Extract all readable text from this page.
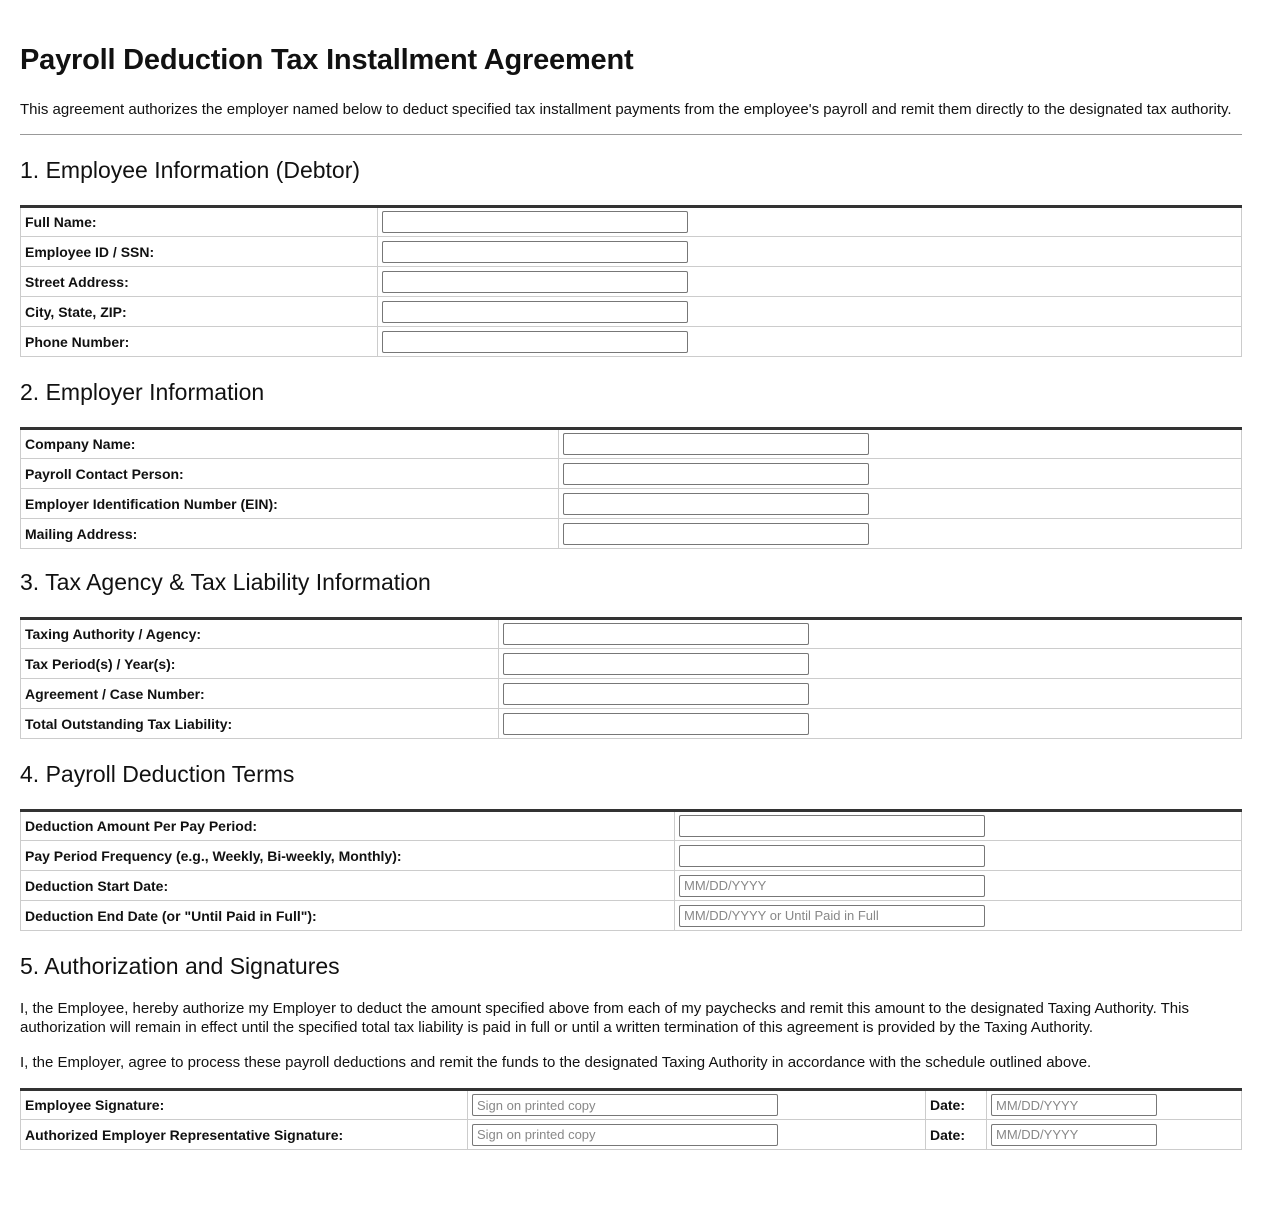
Payroll Deduction Tax Installment Agreement

This agreement authorizes the employer named below to deduct specified tax installment payments from the employee's payroll and remit them directly to the designated tax authority.

1. Employee Information (Debtor)
Full Name:	
Employee ID / SSN:	
Street Address:	
City, State, ZIP:	
Phone Number:	
2. Employer Information
Company Name:	
Payroll Contact Person:	
Employer Identification Number (EIN):	
Mailing Address:	
3. Tax Agency & Tax Liability Information
Taxing Authority / Agency:	
Tax Period(s) / Year(s):	
Agreement / Case Number:	
Total Outstanding Tax Liability:	
4. Payroll Deduction Terms
Deduction Amount Per Pay Period:	
Pay Period Frequency (e.g., Weekly, Bi-weekly, Monthly):	
Deduction Start Date:	MM/DD/YYYY
Deduction End Date (or "Until Paid in Full"):	MM/DD/YYYY or Until Paid in Full
5. Authorization and Signatures

I, the Employee, hereby authorize my Employer to deduct the amount specified above from each of my paychecks and remit this amount to the designated Taxing Authority. This authorization will remain in effect until the specified total tax liability is paid in full or until a written termination of this agreement is provided by the Taxing Authority.

I, the Employer, agree to process these payroll deductions and remit the funds to the designated Taxing Authority in accordance with the schedule outlined above.

Employee Signature:	Sign on printed copy	Date:	MM/DD/YYYY
Authorized Employer Representative Signature:	Sign on printed copy	Date:	MM/DD/YYYY
